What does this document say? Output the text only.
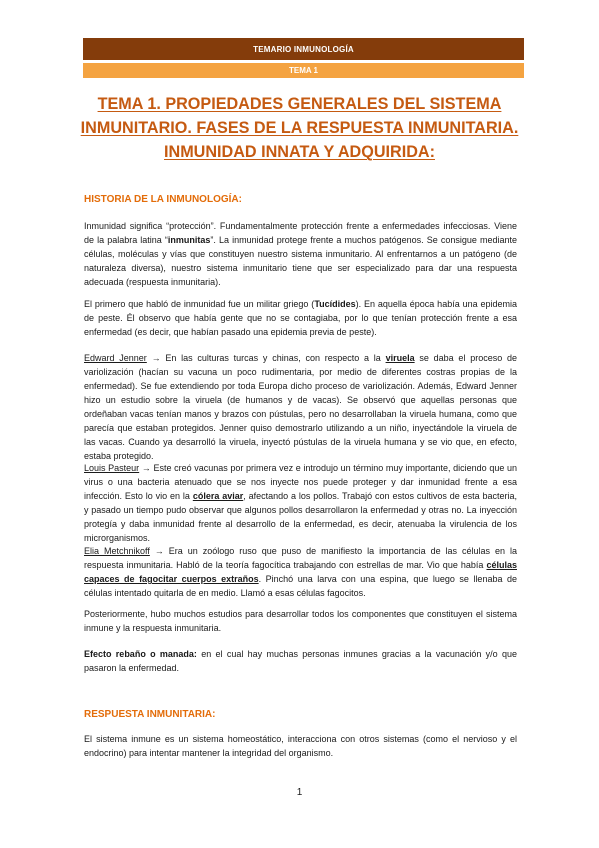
TEMARIO INMUNOLOGÍA
TEMA 1
TEMA 1. PROPIEDADES GENERALES DEL SISTEMA
INMUNITARIO. FASES DE LA RESPUESTA INMUNITARIA.
INMUNIDAD INNATA Y ADQUIRIDA:
HISTORIA DE LA INMUNOLOGÍA:
Inmunidad significa “protección”. Fundamentalmente protección frente a enfermedades infecciosas. Viene de la palabra latina “inmunitas”. La inmunidad protege frente a muchos patógenos. Se consigue mediante células, moléculas y vías que constituyen nuestro sistema inmunitario. Al enfrentarnos a un patógeno (de naturaleza diversa), nuestro sistema inmunitario tiene que ser especializado para dar una respuesta adecuada (respuesta inmunitaria).
El primero que habló de inmunidad fue un militar griego (Tucídides). En aquella época había una epidemia de peste. Él observo que había gente que no se contagiaba, por lo que tenían protección frente a esa enfermedad (es decir, que habían pasado una epidemia previa de peste).
Edward Jenner → En las culturas turcas y chinas, con respecto a la viruela se daba el proceso de variolización (hacían su vacuna un poco rudimentaria, por medio de diferentes costras propias de la enfermedad). Se fue extendiendo por toda Europa dicho proceso de variolización. Además, Edward Jenner hizo un estudio sobre la viruela (de humanos y de vacas). Se observó que aquellas personas que ordeñaban vacas tenían manos y brazos con pústulas, pero no desarrollaban la viruela humana, como que parecía que estaban protegidos. Jenner quiso demostrarlo utilizando a un niño, inyectándole la viruela de las vacas. Cuando ya desarrolló la viruela, inyectó pústulas de la viruela humana y se vio que, en efecto, estaba protegido.
Louis Pasteur → Este creó vacunas por primera vez e introdujo un término muy importante, diciendo que un virus o una bacteria atenuado que se nos inyecte nos puede proteger y dar inmunidad frente a esa infección. Esto lo vio en la cólera aviar, afectando a los pollos. Trabajó con estos cultivos de esta bacteria, y pasado un tiempo pudo observar que algunos pollos desarrollaron la enfermedad y otras no. La inyección protegía y daba inmunidad frente al desarrollo de la enfermedad, es decir, atenuaba la virulencia de los microrganismos.
Elia Metchnikoff → Era un zoólogo ruso que puso de manifiesto la importancia de las células en la respuesta inmunitaria. Habló de la teoría fagocítica trabajando con estrellas de mar. Vio que había células capaces de fagocitar cuerpos extraños. Pinchó una larva con una espina, que luego se llenaba de células intentado quitarla de en medio. Llamó a esas células fagocitos.
Posteriormente, hubo muchos estudios para desarrollar todos los componentes que constituyen el sistema inmune y la respuesta inmunitaria.
Efecto rebaño o manada: en el cual hay muchas personas inmunes gracias a la vacunación y/o que pasaron la enfermedad.
RESPUESTA INMUNITARIA:
El sistema inmune es un sistema homeostático, interacciona con otros sistemas (como el nervioso y el endocrino) para intentar mantener la integridad del organismo.
1
